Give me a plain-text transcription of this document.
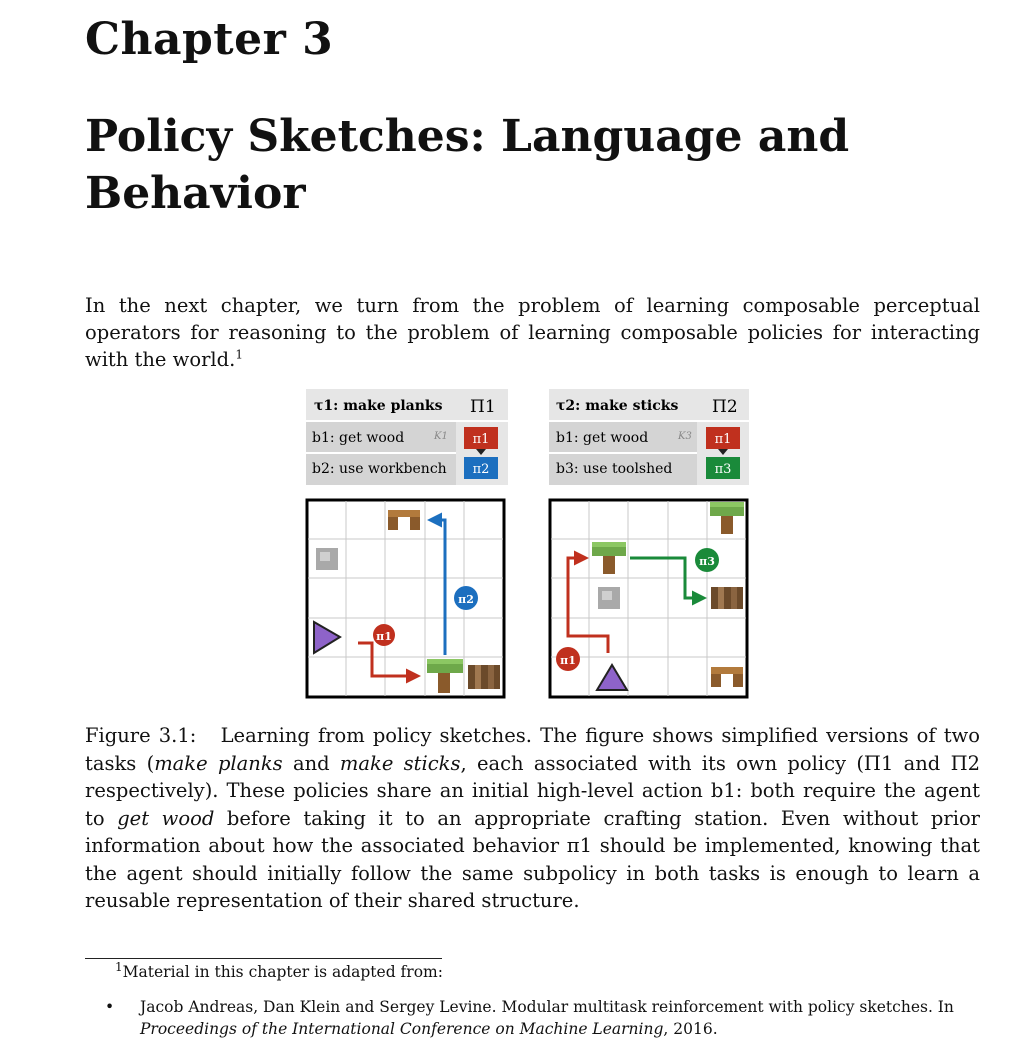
Chapter 3
Policy Sketches: Language and Behavior

In the next chapter, we turn from the problem of learning composable perceptual operators for reasoning to the problem of learning composable policies for interacting with the world.$^1$

τ1: make planks Π1
b1: get wood	K1
b2: use workbench
π1
π2
τ2: make sticks Π2
b1: get wood	K3
b3: use toolshed
π1
π3
π1
π2
π1
π3

Figure 3.1: Learning from policy sketches. The figure shows simplified versions of two tasks (make planks and make sticks, each associated with its own policy (Π1 and Π2 respectively). These policies share an initial high-level action b1: both require the agent to get wood before taking it to an appropriate crafting station. Even without prior information about how the associated behavior π1 should be implemented, knowing that the agent should initially follow the same subpolicy in both tasks is enough to learn a reusable representation of their shared structure.

$^1$Material in this chapter is adapted from:

• Jacob Andreas, Dan Klein and Sergey Levine. Modular multitask reinforcement with policy sketches. In Proceedings of the International Conference on Machine Learning, 2016.
